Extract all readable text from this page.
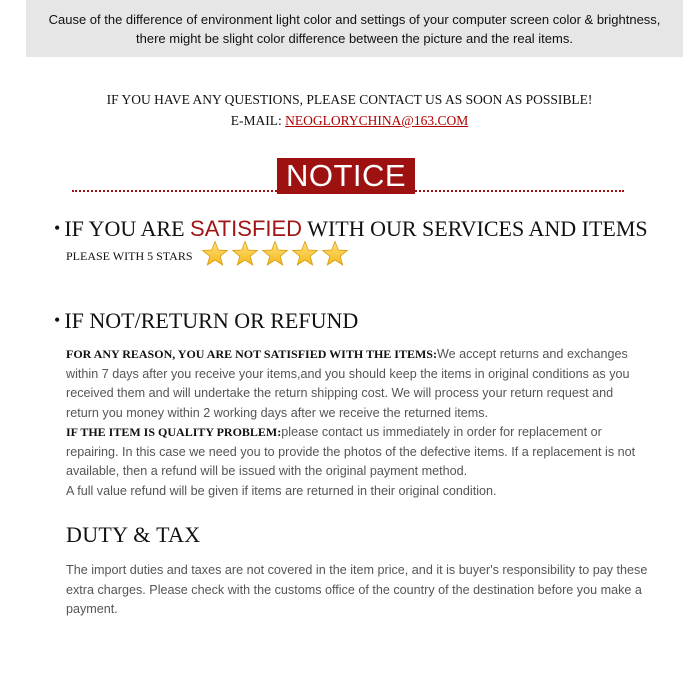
Cause of the difference of environment light color and settings of your computer screen color & brightness,
there might be slight color difference between the picture and the real items.
IF YOU HAVE ANY QUESTIONS, PLEASE CONTACT US AS SOON AS POSSIBLE!
E-MAIL: NEOGLORYCHINA@163.COM
NOTICE
• IF YOU ARE SATISFIED WITH OUR SERVICES AND ITEMS
PLEASE WITH 5 STARS
• IF NOT/RETURN OR REFUND
FOR ANY REASON, YOU ARE NOT SATISFIED WITH THE ITEMS:We accept returns and exchanges within 7 days after you receive your items,and you should keep the items in original conditions as you received them and will undertake the return shipping cost. We will process your return request and return you money within 2 working days after we receive the returned items.
IF THE ITEM IS QUALITY PROBLEM:please contact us immediately in order for replacement or repairing. In this case we need you to provide the photos of the defective items. If a replacement is not available, then a refund will be issued with the original payment method.
A full value refund will be given if items are returned in their original condition.
DUTY & TAX
The import duties and taxes are not covered in the item price, and it is buyer's responsibility to pay these extra charges. Please check with the customs office of the country of the destination before you make a payment.
